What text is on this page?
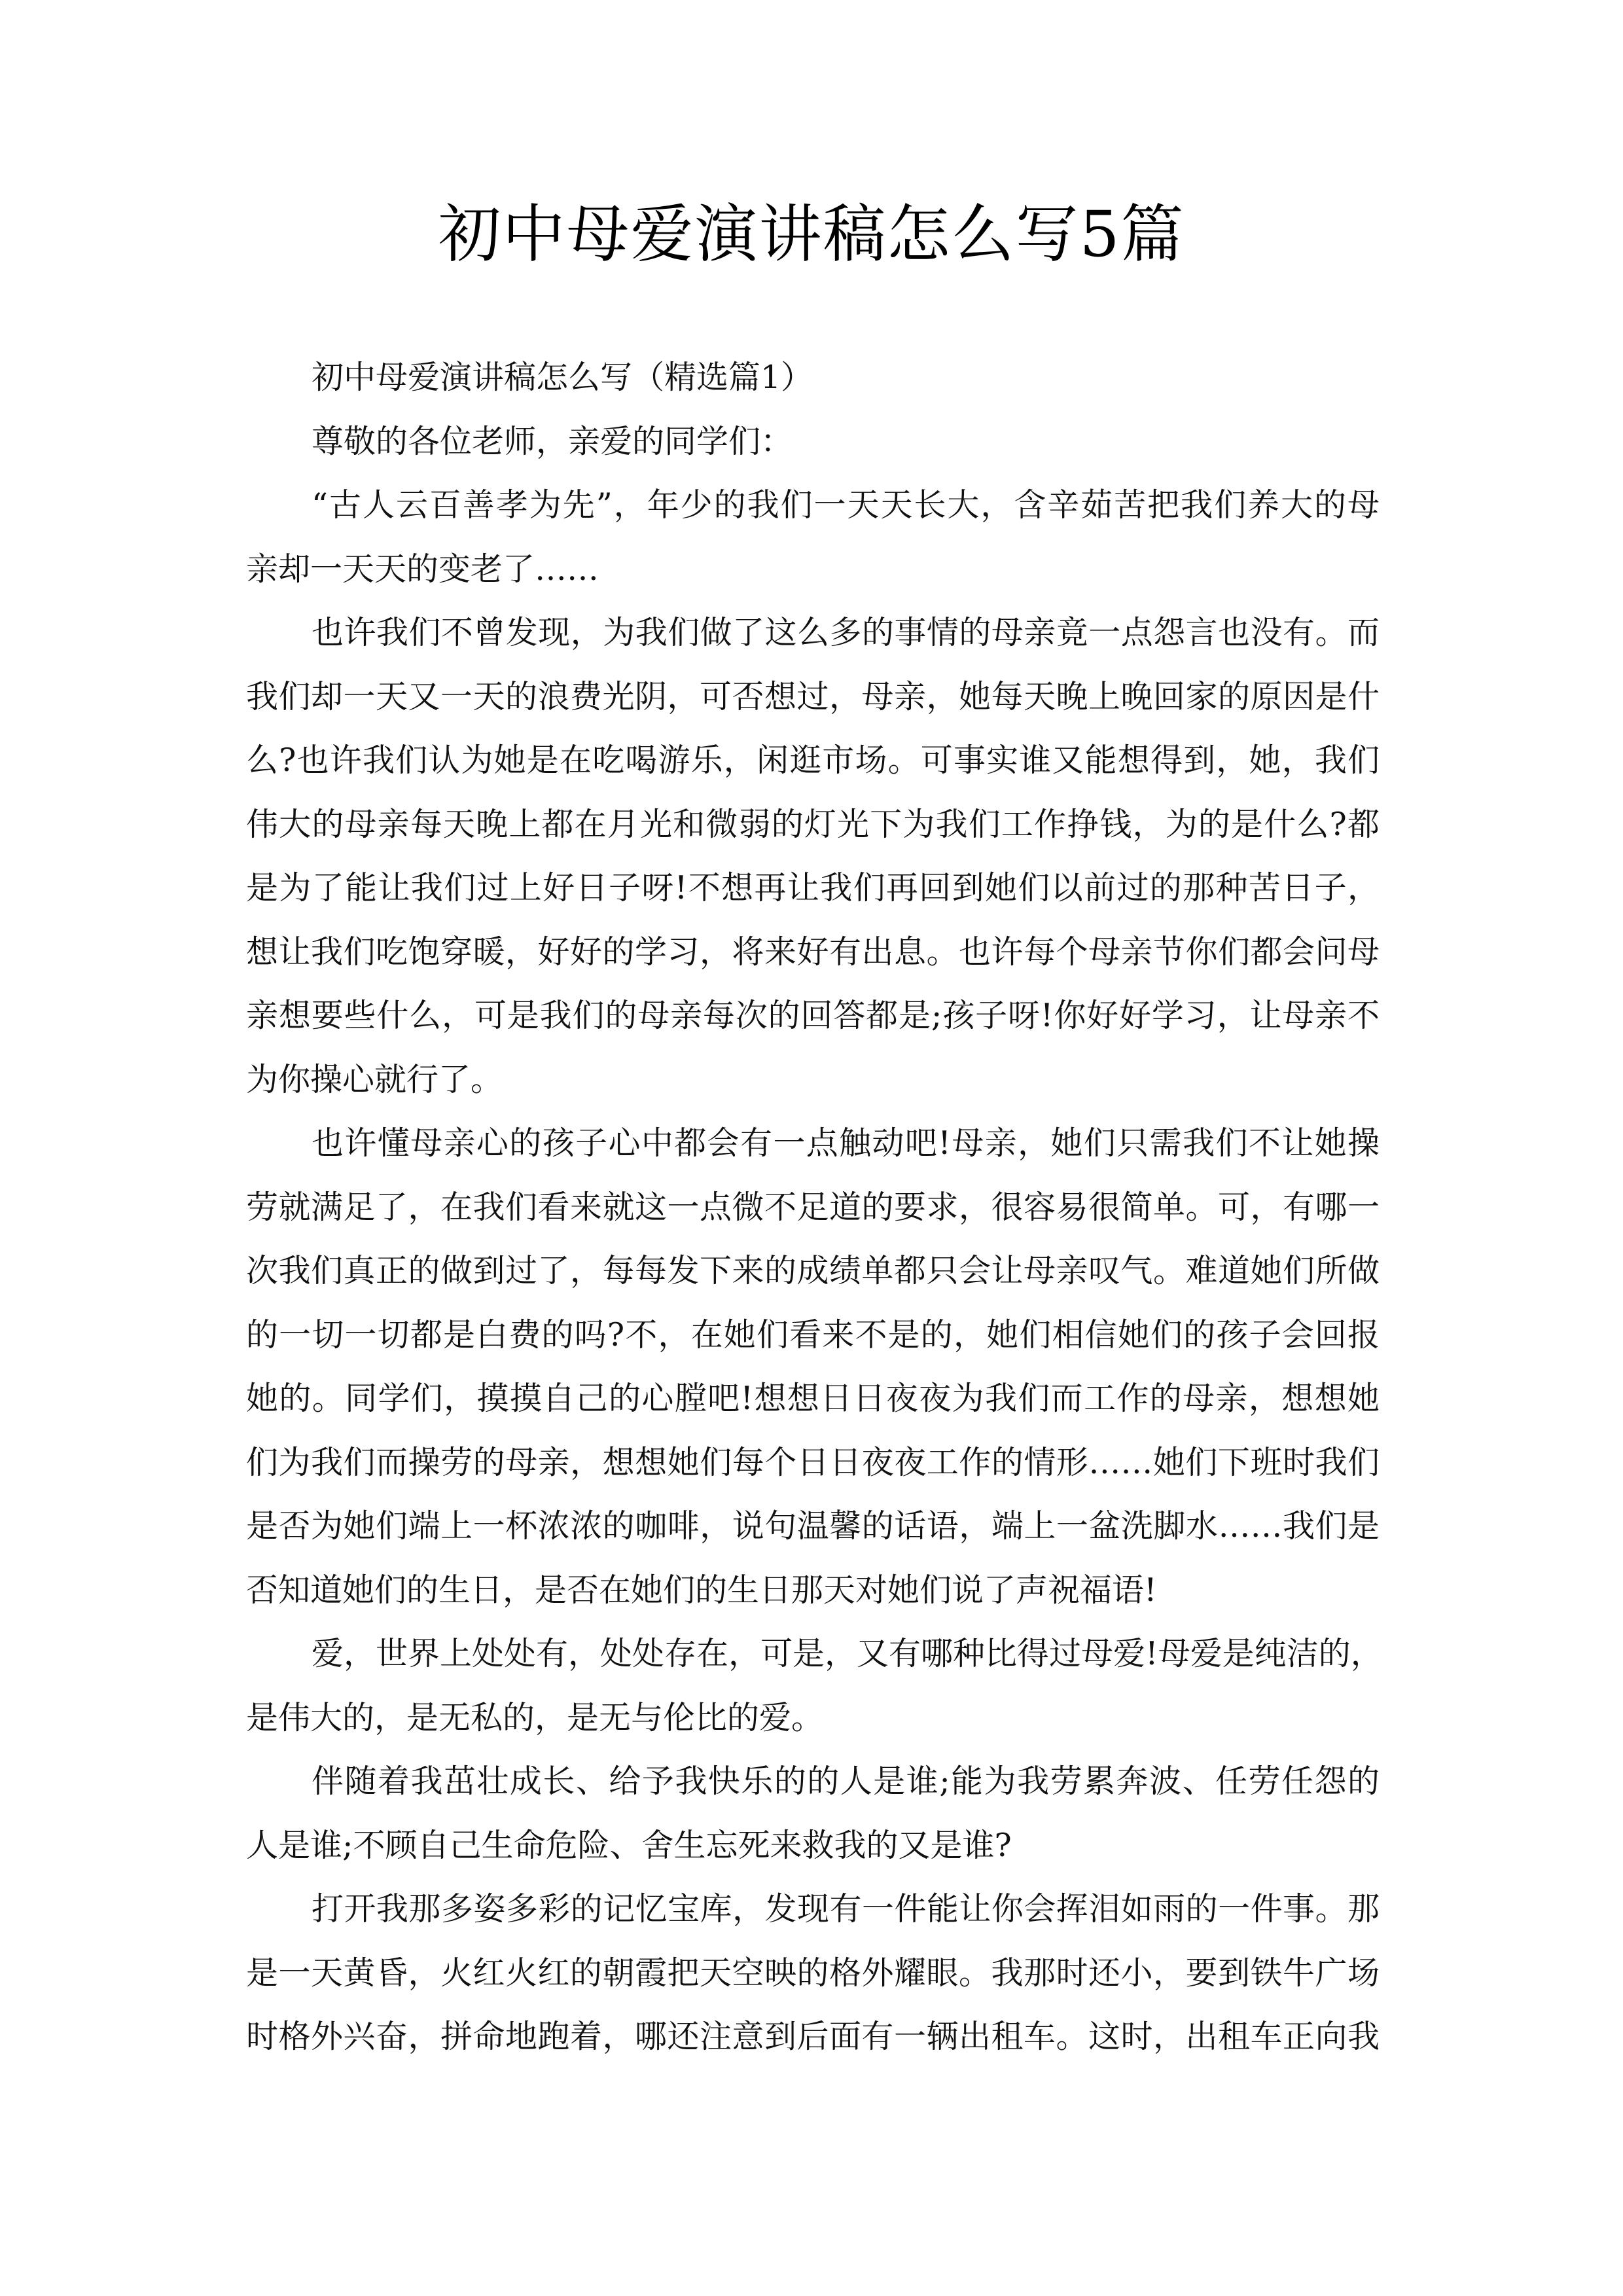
初中母爱演讲稿怎么写5篇
初中母爱演讲稿怎么写（精选篇1）
尊敬的各位老师，亲爱的同学们：
“古人云百善孝为先”，年少的我们一天天长大，含辛茹苦把我们养大的母
亲却一天天的变老了……
也许我们不曾发现，为我们做了这么多的事情的母亲竟一点怨言也没有。而
我们却一天又一天的浪费光阴，可否想过，母亲，她每天晚上晚回家的原因是什
么?也许我们认为她是在吃喝游乐，闲逛市场。可事实谁又能想得到，她，我们
伟大的母亲每天晚上都在月光和微弱的灯光下为我们工作挣钱，为的是什么?都
是为了能让我们过上好日子呀!不想再让我们再回到她们以前过的那种苦日子，
想让我们吃饱穿暖，好好的学习，将来好有出息。也许每个母亲节你们都会问母
亲想要些什么，可是我们的母亲每次的回答都是;孩子呀!你好好学习，让母亲不
为你操心就行了。
也许懂母亲心的孩子心中都会有一点触动吧!母亲，她们只需我们不让她操
劳就满足了，在我们看来就这一点微不足道的要求，很容易很简单。可，有哪一
次我们真正的做到过了，每每发下来的成绩单都只会让母亲叹气。难道她们所做
的一切一切都是白费的吗?不，在她们看来不是的，她们相信她们的孩子会回报
她的。同学们，摸摸自己的心膛吧!想想日日夜夜为我们而工作的母亲，想想她
们为我们而操劳的母亲，想想她们每个日日夜夜工作的情形……她们下班时我们
是否为她们端上一杯浓浓的咖啡，说句温馨的话语，端上一盆洗脚水……我们是
否知道她们的生日，是否在她们的生日那天对她们说了声祝福语!
爱，世界上处处有，处处存在，可是，又有哪种比得过母爱!母爱是纯洁的，
是伟大的，是无私的，是无与伦比的爱。
伴随着我茁壮成长、给予我快乐的的人是谁;能为我劳累奔波、任劳任怨的
人是谁;不顾自己生命危险、舍生忘死来救我的又是谁?
打开我那多姿多彩的记忆宝库，发现有一件能让你会挥泪如雨的一件事。那
是一天黄昏，火红火红的朝霞把天空映的格外耀眼。我那时还小，要到铁牛广场
时格外兴奋，拼命地跑着，哪还注意到后面有一辆出租车。这时，出租车正向我
